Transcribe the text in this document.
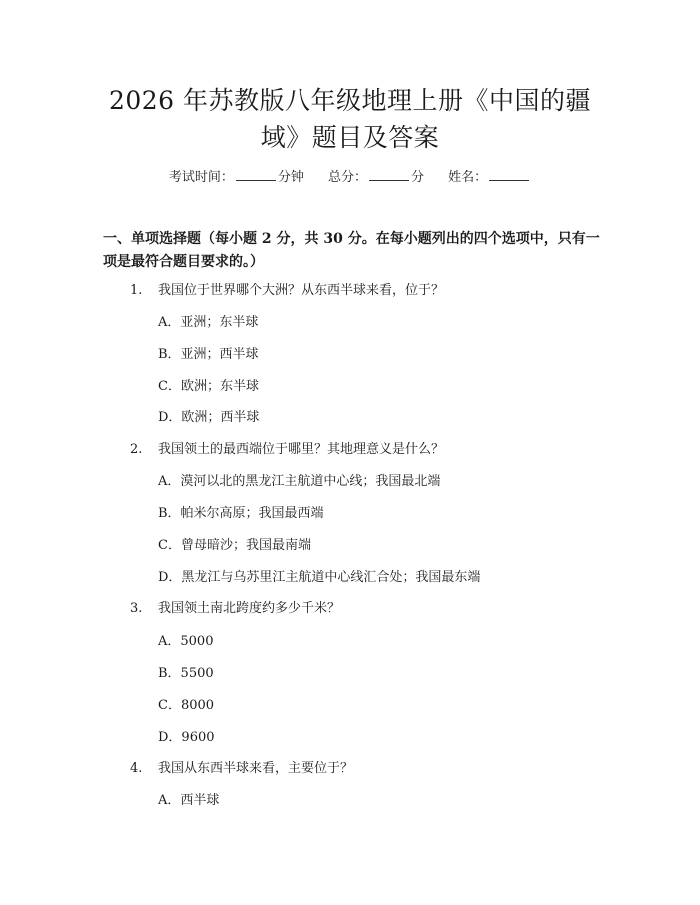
2026 年苏教版八年级地理上册《中国的疆
域》题目及答案
考试时间：	分钟 总分：	分 姓名：
一、单项选择题（每小题 2 分，共 30 分。在每小题列出的四个选项中，只有一项是最符合题目要求的。）
1. 我国位于世界哪个大洲？从东西半球来看，位于？
A．亚洲；东半球
B．亚洲；西半球
C．欧洲；东半球
D．欧洲；西半球
2. 我国领土的最西端位于哪里？其地理意义是什么？
A．漠河以北的黑龙江主航道中心线；我国最北端
B．帕米尔高原；我国最西端
C．曾母暗沙；我国最南端
D．黑龙江与乌苏里江主航道中心线汇合处；我国最东端
3. 我国领土南北跨度约多少千米？
A．5000
B．5500
C．8000
D．9600
4. 我国从东西半球来看，主要位于？
A．西半球
